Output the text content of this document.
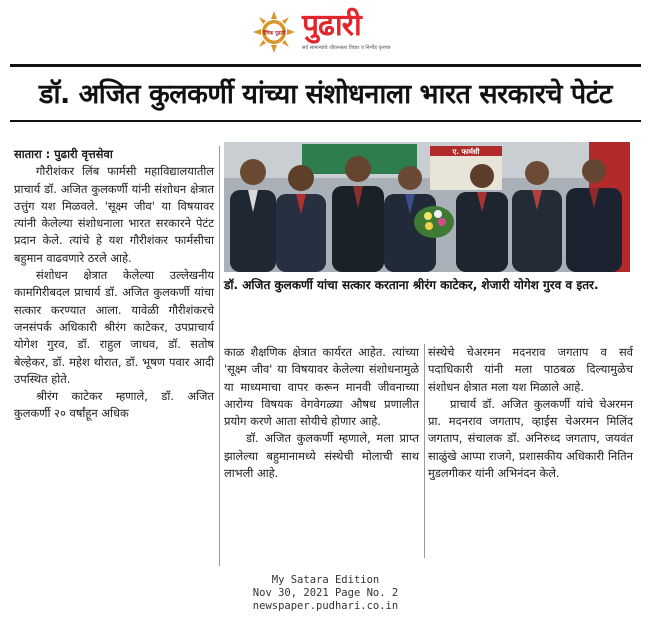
दैनिक पुढारी पुढारी
सर्व सामान्यांचे जीवनसत्व विचार व निर्भीड वृत्तपत्र
डॉ. अजित कुलकर्णी यांच्या संशोधनाला भारत सरकारचे पेटंट

सातारा : पुढारी वृत्तसेवा

गौरीशंकर लिंब फार्मसी महाविद्यालयातील प्राचार्य डॉ. अजित कुलकर्णी यांनी संशोधन क्षेत्रात उत्तुंग यश मिळवले. 'सूक्ष्म जीव' या विषयावर त्यांनी केलेल्या संशोधनाला भारत सरकारने पेटंट प्रदान केले. त्यांचे हे यश गौरीशंकर फार्मसीचा बहुमान वाढवणारे ठरले आहे.

संशोधन क्षेत्रात केलेल्या उल्लेखनीय कामगिरीबदल प्राचार्य डॉ. अजित कुलकर्णी यांचा सत्कार करण्यात आला. यावेळी गौरीशंकरचे जनसंपर्क अधिकारी श्रीरंग काटेकर, उपप्राचार्य योगेश गुरव, डॉ. राहुल जाधव, डॉ. सतोष बेल्हेकर, डॉ. महेश थोरात, डॉ. भूषण पवार आदी उपस्थित होते.

श्रीरंग काटेकर म्हणाले, डॉ. अजित कुलकर्णी २० वर्षांहून अधिक

ए. फार्मसी
डॉ. अजित कुलकर्णी यांचा सत्कार करताना श्रीरंग काटेकर, शेजारी योगेश गुरव व इतर.

काळ शैक्षणिक क्षेत्रात कार्यरत आहेत. त्यांच्या 'सूक्ष्म जीव' या विषयावर केलेल्या संशोधनामुळे या माध्यमाचा वापर करून मानवी जीवनाच्या आरोग्य विषयक वेगवेगळ्या औषध प्रणालीत प्रयोग करणे आता सोयीचे होणार आहे.

डॉ. अजित कुलकर्णी म्हणाले, मला प्राप्त झालेल्या बहुमानामध्ये संस्थेची मोलाची साथ लाभली आहे.

संस्थेचे चेअरमन मदनराव जगताप व सर्व पदाधिकारी यांनी मला पाठबळ दिल्यामुळेच संशोधन क्षेत्रात मला यश मिळाले आहे.

प्राचार्य डॉ. अजित कुलकर्णी यांचे चेअरमन प्रा. मदनराव जगताप, व्हाईस चेअरमन मिलिंद जगताप, संचालक डॉ. अनिरुध्द जगताप, जयवंत साळुंखे आप्पा राजगे, प्रशासकीय अधिकारी नितिन मुडलगीकर यांनी अभिनंदन केले.

My Satara Edition
Nov 30, 2021 Page No. 2
newspaper.pudhari.co.in
